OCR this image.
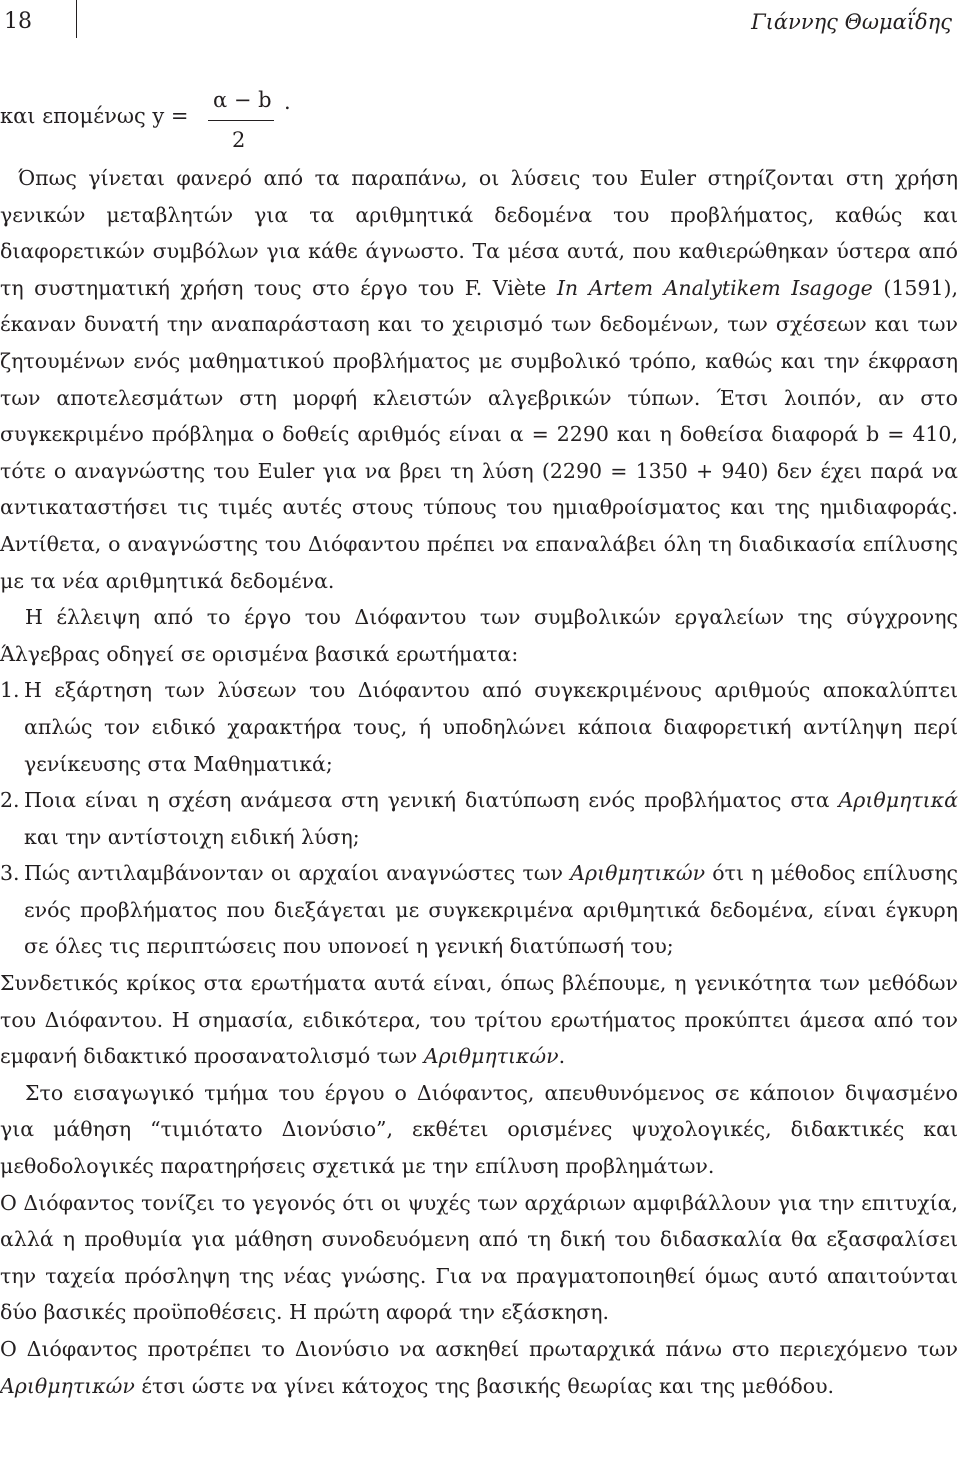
18	Γιάννης Θωμαΐδης
και επομένως y =
α − b
2
.

Όπως γίνεται φανερό από τα παραπάνω, οι λύσεις του Euler στηρίζονται στη χρήση γενικών μεταβλητών για τα αριθμητικά δεδομένα του προβλήματος, καθώς και διαφορετικών συμβόλων για κάθε άγνωστο. Τα μέσα αυτά, που καθιερώθηκαν ύστερα από τη συστηματική χρήση τους στο έργο του F. Viète In Artem Analytikem Isagoge (1591), έκαναν δυνατή την αναπαράσταση και το χειρισμό των δεδομένων, των σχέσεων και των ζητουμένων ενός μαθηματικού προβλήματος με συμβολικό τρόπο, καθώς και την έκφραση των αποτελεσμάτων στη μορφή κλειστών αλγεβρικών τύπων. Έτσι λοιπόν, αν στο συγκεκριμένο πρόβλημα ο δοθείς αριθμός είναι α = 2290 και η δοθείσα διαφορά b = 410, τότε ο αναγνώστης του Euler για να βρει τη λύση (2290 = 1350 + 940) δεν έχει παρά να αντικαταστήσει τις τιμές αυτές στους τύπους του ημιαθροίσματος και της ημιδιαφοράς. Αντίθετα, ο αναγνώστης του Διόφαντου πρέπει να επαναλάβει όλη τη διαδικασία επίλυσης με τα νέα αριθμητικά δεδομένα.

Η έλλειψη από το έργο του Διόφαντου των συμβολικών εργαλείων της σύγχρονης Άλγεβρας οδηγεί σε ορισμένα βασικά ερωτήματα:

1. Η εξάρτηση των λύσεων του Διόφαντου από συγκεκριμένους αριθμούς αποκαλύπτει απλώς τον ειδικό χαρακτήρα τους, ή υποδηλώνει κάποια διαφορετική αντίληψη περί γενίκευσης στα Μαθηματικά;
2. Ποια είναι η σχέση ανάμεσα στη γενική διατύπωση ενός προβλήματος στα Αριθμητικά και την αντίστοιχη ειδική λύση;
3. Πώς αντιλαμβάνονταν οι αρχαίοι αναγνώστες των Αριθμητικών ότι η μέθοδος επίλυσης ενός προβλήματος που διεξάγεται με συγκεκριμένα αριθμητικά δεδομένα, είναι έγκυρη σε όλες τις περιπτώσεις που υπονοεί η γενική διατύπωσή του;

Συνδετικός κρίκος στα ερωτήματα αυτά είναι, όπως βλέπουμε, η γενικότητα των μεθόδων του Διόφαντου. Η σημασία, ειδικότερα, του τρίτου ερωτήματος προκύπτει άμεσα από τον εμφανή διδακτικό προσανατολισμό των Αριθμητικών.

Στο εισαγωγικό τμήμα του έργου ο Διόφαντος, απευθυνόμενος σε κάποιον διψασμένο για μάθηση “τιμιότατο Διονύσιο”, εκθέτει ορισμένες ψυχολογικές, διδακτικές και μεθοδολογικές παρατηρήσεις σχετικά με την επίλυση προβλημάτων.

Ο Διόφαντος τονίζει το γεγονός ότι οι ψυχές των αρχάριων αμφιβάλλουν για την επιτυχία, αλλά η προθυμία για μάθηση συνοδευόμενη από τη δική του διδασκαλία θα εξασφαλίσει την ταχεία πρόσληψη της νέας γνώσης. Για να πραγματοποιηθεί όμως αυτό απαιτούνται δύο βασικές προϋποθέσεις. Η πρώτη αφορά την εξάσκηση.

Ο Διόφαντος προτρέπει το Διονύσιο να ασκηθεί πρωταρχικά πάνω στο περιεχόμενο των Αριθμητικών έτσι ώστε να γίνει κάτοχος της βασικής θεωρίας και της μεθόδου.
